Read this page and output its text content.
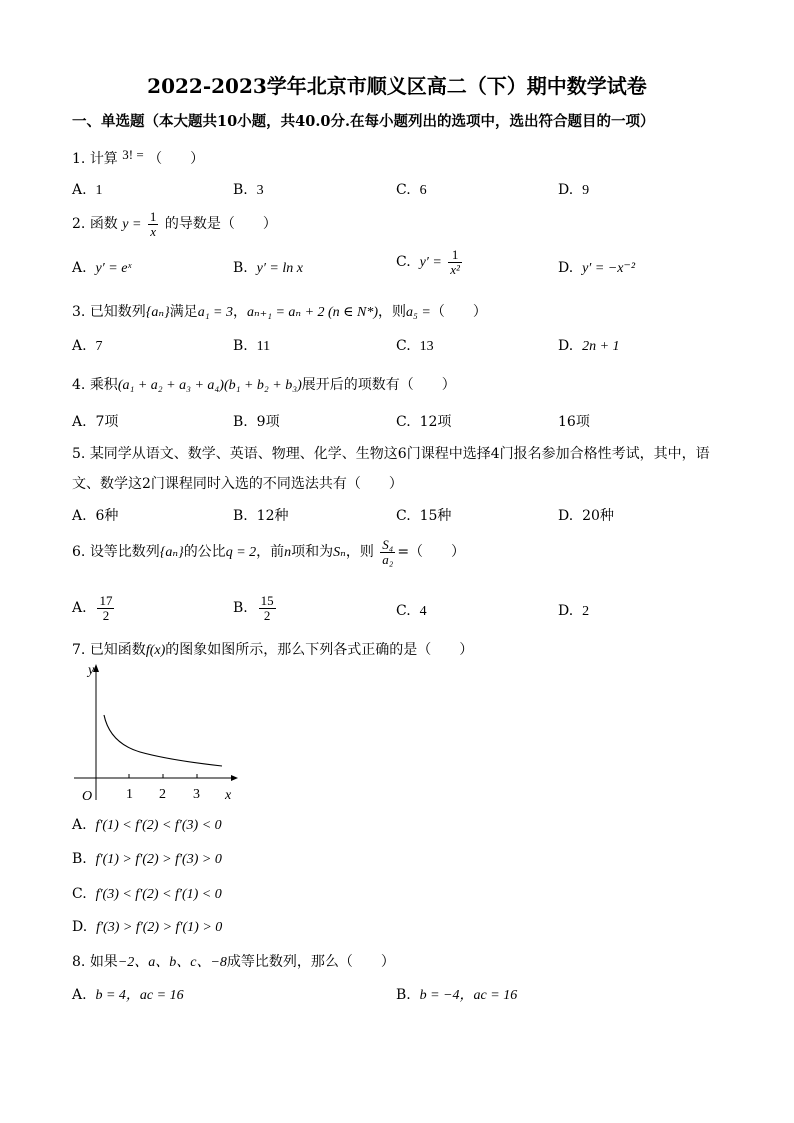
2022-2023学年北京市顺义区高二（下）期中数学试卷
一、单选题（本大题共10小题，共40.0分.在每小题列出的选项中，选出符合题目的一项）
1. 计算 3! = （　　）
A. 1	B. 3	C. 6	D. 9
2. 函数 $y = \frac{1}{x}$ 的导数是（　　）
A. y′ = eˣ	B. y′ = ln x	C. $y' = \frac{1}{\text{x²}}$	D. y′ = −x⁻²
3. 已知数列{aₙ}满足a₁ = 3，aₙ₊₁ = aₙ + 2 (n ∈ N*)，则a₅ =（　　）
A. 7	B. 11	C. 13	D. 2n + 1
4. 乘积(a₁ + a₂ + a₃ + a₄)(b₁ + b₂ + b₃)展开后的项数有（　　）
A. 7项	B. 9项	C. 12项	16项
5. 某同学从语文、数学、英语、物理、化学、生物这6门课程中选择4门报名参加合格性考试，其中，语
文、数学这2门课程同时入选的不同选法共有（　　）
A. 6种	B. 12种	C. 15种	D. 20种
6. 设等比数列{aₙ}的公比q = 2，前n项和为Sₙ，则 $\frac{\text{S₄}}{\text{a₂}}$ =（　　）
A. $\frac{17}{2}$	B. $\frac{15}{2}$	C. 4	D. 2
7. 已知函数f(x)的图象如图所示，那么下列各式正确的是（　　）
y
x
O 1 2 3
A. f′(1) < f′(2) < f′(3) < 0
B. f′(1) > f′(2) > f′(3) > 0
C. f′(3) < f′(2) < f′(1) < 0
D. f′(3) > f′(2) > f′(1) > 0
8. 如果−2、a、b、c、−8成等比数列，那么（　　）
A. b = 4，ac = 16	B. b = −4，ac = 16
